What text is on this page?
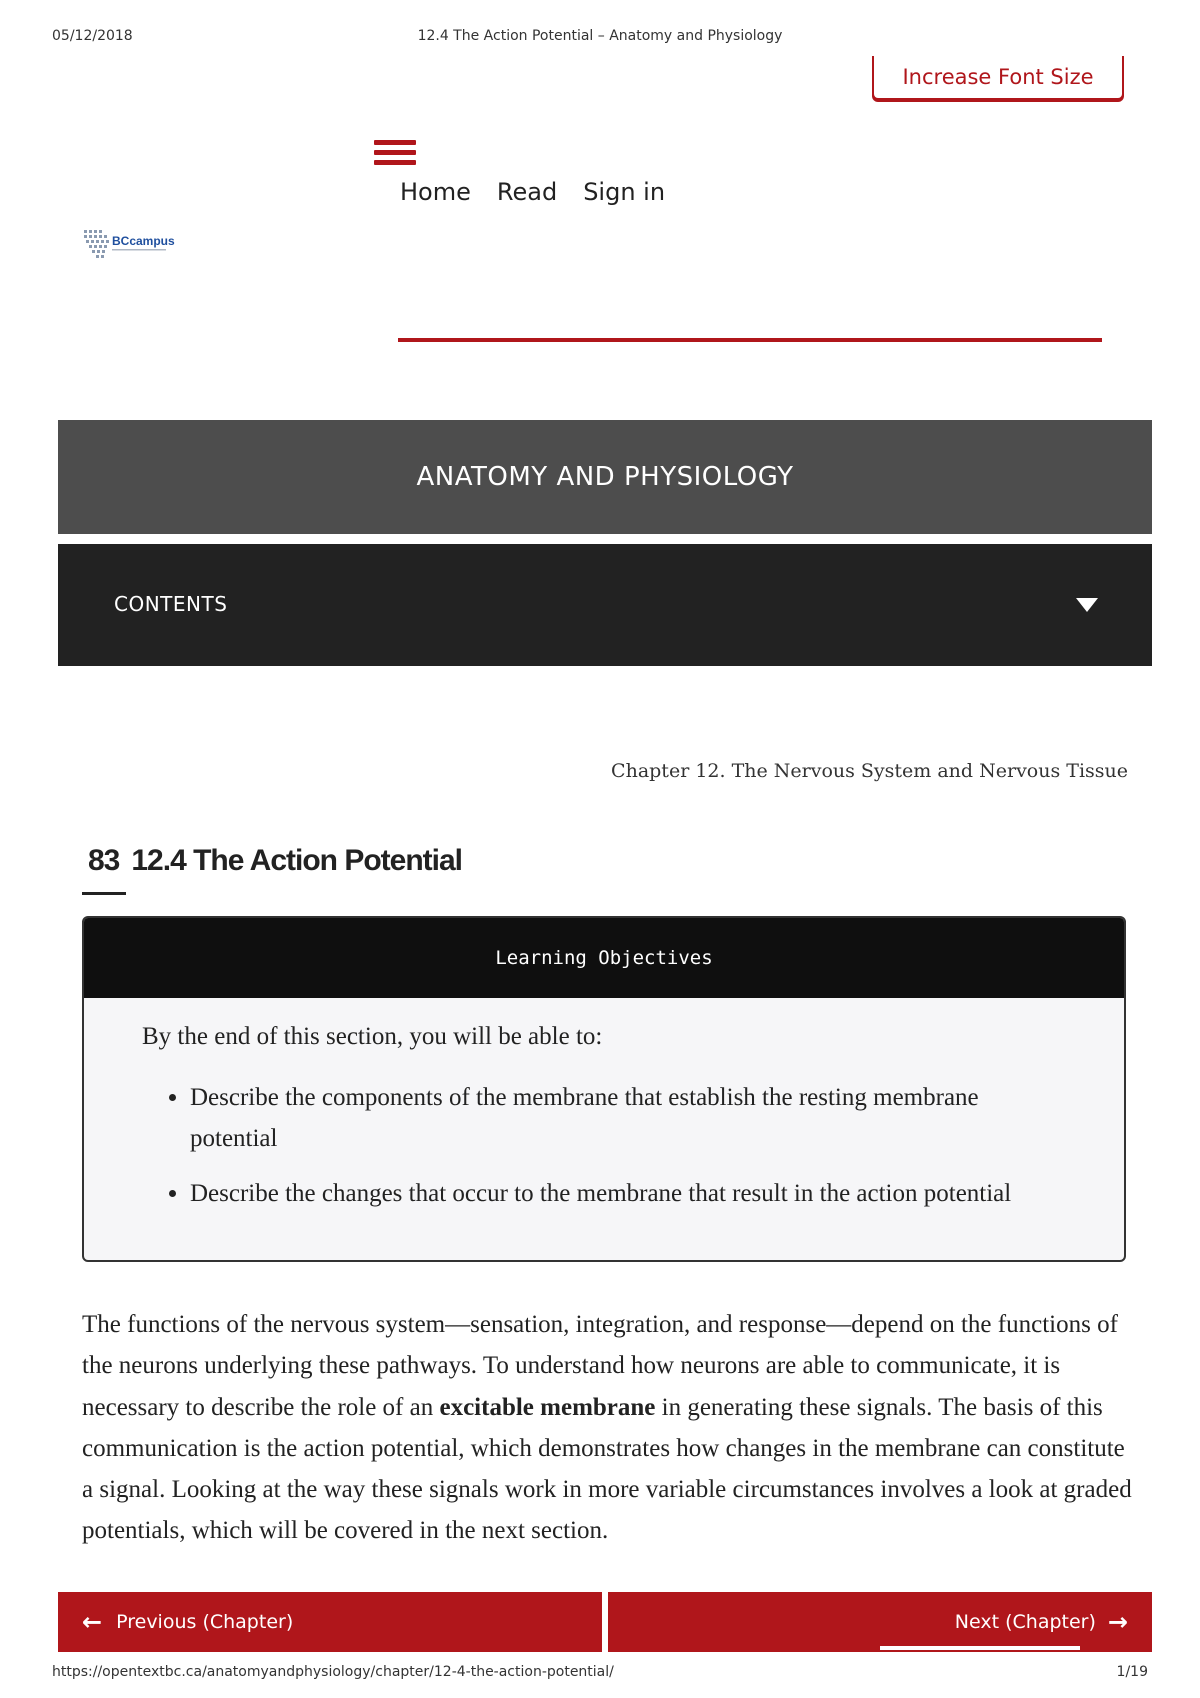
05/12/2018	12.4 The Action Potential – Anatomy and Physiology
Increase Font Size
BCcampus
Home Read Sign in
ANATOMY AND PHYSIOLOGY
CONTENTS
Chapter 12. The Nervous System and Nervous Tissue
83 12.4 The Action Potential
Learning Objectives

By the end of this section, you will be able to:

• Describe the components of the membrane that establish the resting membrane potential
• Describe the changes that occur to the membrane that result in the action potential

The functions of the nervous system—sensation, integration, and response—depend on the functions of the neurons underlying these pathways. To understand how neurons are able to communicate, it is necessary to describe the role of an excitable membrane in generating these signals. The basis of this communication is the action potential, which demonstrates how changes in the membrane can constitute a signal. Looking at the way these signals work in more variable circumstances involves a look at graded potentials, which will be covered in the next section.

← Previous (Chapter)	Next (Chapter) →
https://opentextbc.ca/anatomyandphysiology/chapter/12-4-the-action-potential/	1/19
